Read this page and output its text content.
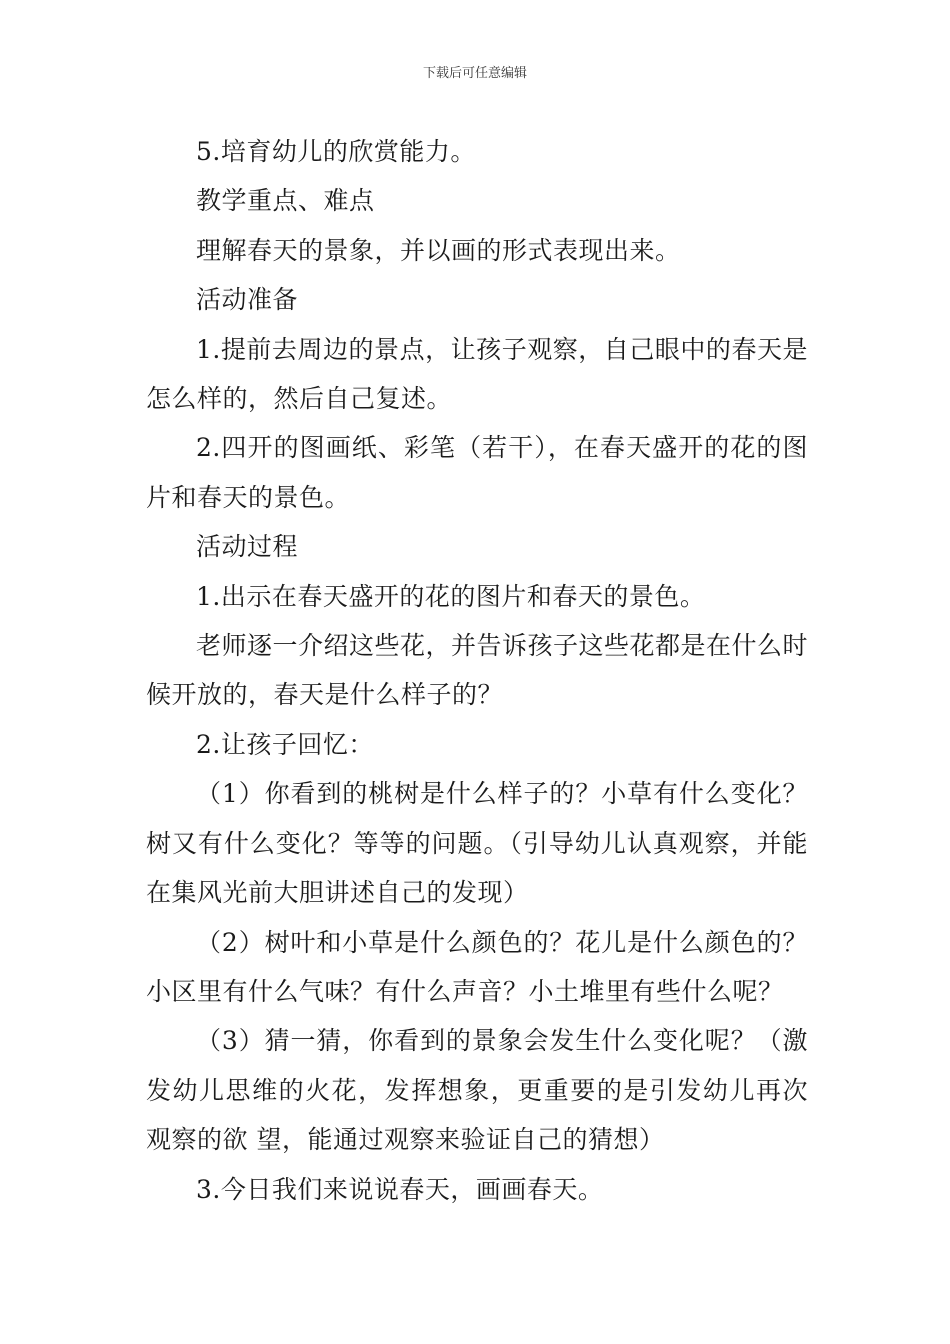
下载后可任意编辑

5.培育幼儿的欣赏能力。

教学重点、难点

理解春天的景象，并以画的形式表现出来。

活动准备

1.提前去周边的景点，让孩子观察，自己眼中的春天是怎么样的，然后自己复述。

2.四开的图画纸、彩笔（若干），在春天盛开的花的图片和春天的景色。

活动过程

1.出示在春天盛开的花的图片和春天的景色。

老师逐一介绍这些花，并告诉孩子这些花都是在什么时候开放的，春天是什么样子的？

2.让孩子回忆：

（1）你看到的桃树是什么样子的？小草有什么变化？树又有什么变化？等等的问题。（引导幼儿认真观察，并能在集风光前大胆讲述自己的发现）

（2）树叶和小草是什么颜色的？花儿是什么颜色的？小区里有什么气味？有什么声音？小土堆里有些什么呢？

（3）猜一猜，你看到的景象会发生什么变化呢？（激发幼儿思维的火花，发挥想象，更重要的是引发幼儿再次观察的欲 望，能通过观察来验证自己的猜想）

3.今日我们来说说春天，画画春天。
